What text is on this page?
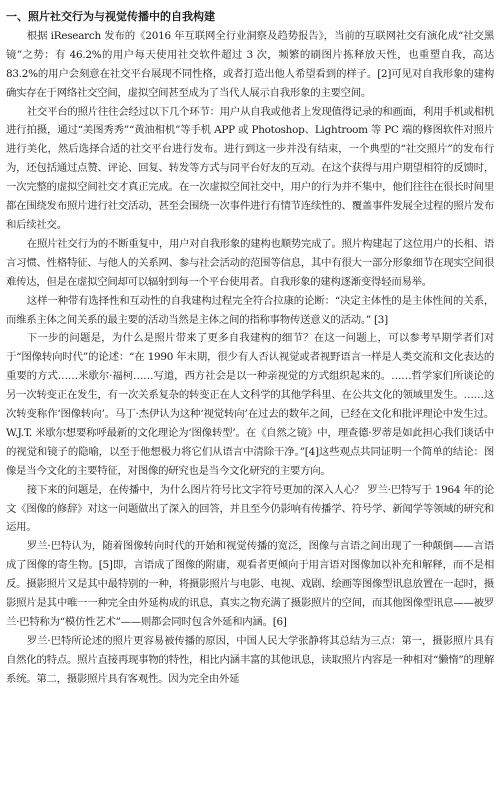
一、照片社交行为与视觉传播中的自我构建

根据 iResearch 发布的《2016 年互联网全行业洞察及趋势报告》，当前的互联网社交有演化成“社交黑镜”之势：有 46.2%的用户每天使用社交软件超过 3 次，频繁的刷图片拣释放天性，也重塑自我，高达 83.2%的用户会刻意在社交平台展现不同性格，或者打造出他人希望看到的样子。[2]可见对自我形象的建构确实存在于网络社交空间，虚拟空间甚至成为了当代人展示自我形象的主要空间。

社交平台的照片往往会经过以下几个环节：用户从自我或他者上发现值得记录的和画面，利用手机或相机进行拍摄，通过“美图秀秀”“黄油相机”等手机 APP 或 Photoshop、Lightroom 等 PC 端的修图软件对照片进行美化，然后选择合适的社交平台进行发布。进行到这一步并没有结束，一个典型的“社交照片”的发布行为，还包括通过点赞、评论、回复、转发等方式与同平台好友的互动。在这个获得与用户期望相符的反馈时，一次完整的虚拟空间社交才真正完成。在一次虚拟空间社交中，用户的行为并不集中，他们往往在很长时间里都在围绕发布照片进行社交活动，甚至会围绕一次事件进行有情节连续性的、覆盖事件发展全过程的照片发布和后续社交。

在照片社交行为的不断重复中，用户对自我形象的建构也顺势完成了。照片构建起了这位用户的长相、语言习惯、性格特征、与他人的关系网、参与社会活动的范围等信息，其中有很大一部分形象细节在现实空间很难传达，但是在虚拟空间却可以辐射到每一个平台使用者。自我形象的建构逐渐变得轻而易举。

这样一种带有选择性和互动性的自我建构过程完全符合拉康的论断：“决定主体性的是主体性间的关系，而维系主体之间关系的最主要的活动当然是主体之间的指称事物传送意义的活动。” [3]

下一步的问题是，为什么是照片带来了更多自我建构的细节？在这一问题上，可以参考早期学者们对于“图像转向时代”的论述：“在 1990 年末期，很少有人否认视觉或者视野语言一样是人类交流和文化表达的重要的方式……米歇尔·福柯……写道，西方社会是以一种亲视觉的方式组织起来的。……哲学家们所谈论的另一次转变正在发生，有一次关系复杂的转变正在人文科学的其他学科里、在公共文化的领域里发生。……这次转变称作‘图像转向’。马丁·杰伊认为这种‘视觉转向’在过去的数年之间，已经在文化和批评理论中发生过。W.J.T. 米歇尔想要称呼最新的文化理论为‘图像转型’。在《自然之镜》中，理查德·罗蒂是如此担心我们谈话中的视觉和镜子的隐喻，以至于他想极力将它们从语言中清除干净。”[4]这些观点共同证明一个简单的结论：图像是当今文化的主要特征，对图像的研究也是当今文化研究的主要方向。

接下来的问题是，在传播中，为什么图片符号比文字符号更加的深入人心？ 罗兰·巴特写于 1964 年的论文《图像的修辞》对这一问题做出了深入的回答，并且至今仍影响有传播学、符号学、新闻学等领域的研究和运用。

罗兰·巴特认为，随着图像转向时代的开始和视觉传播的宽泛，图像与言语之间出现了一种颠倒——言语成了图像的寄生物。[5]即，言语成了图像的附庸，观看者更倾向于用言语对图像加以补充和解释，而不是相反。摄影照片又是其中最特别的一种，将摄影照片与电影、电视、戏剧、绘画等图像型讯息放置在一起时，摄影照片是其中唯一一种完全由外延构成的讯息，真实之物充满了摄影照片的空间，而其他图像型讯息——被罗兰·巴特称为“模仿性艺术”——则都会同时包含外延和内涵。[6]

罗兰·巴特所论述的照片更容易被传播的原因，中国人民大学张静将其总结为三点：第一，摄影照片具有自然化的特点。照片直接再现事物的特性，相比内涵丰富的其他讯息，读取照片内容是一种相对“懒惰”的理解系统。第二，摄影照片具有客观性。因为完全由外延
